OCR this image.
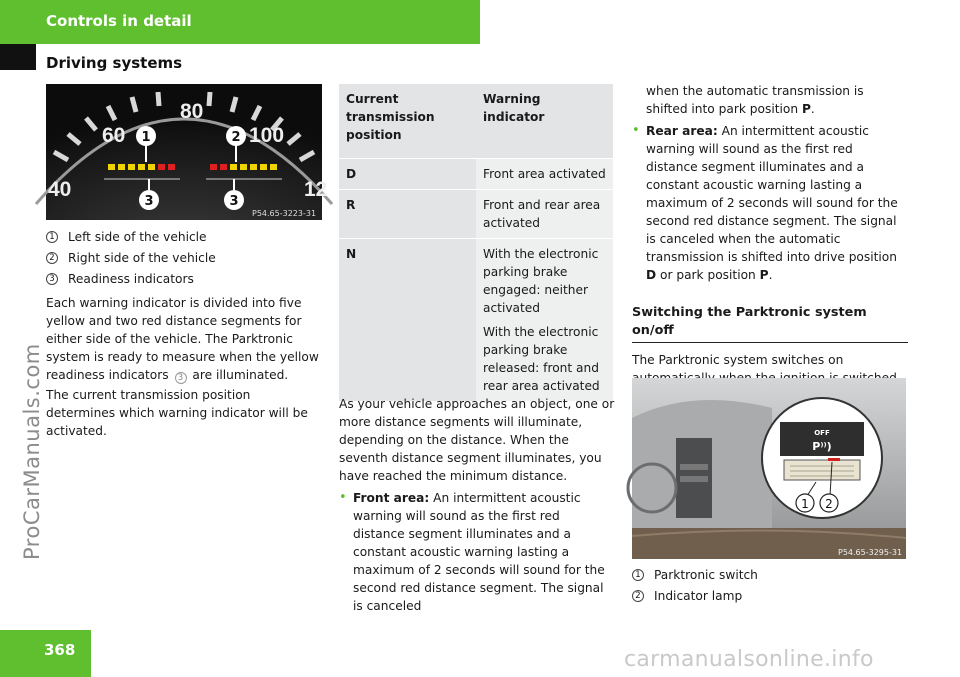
Controls in detail
Driving systems
ProCarManuals.com
40
60
80
100
12
1	2
3	3
P54.65-3223-31
1 Left side of the vehicle
2 Right side of the vehicle
3 Readiness indicators

Each warning indicator is divided into five yellow and two red distance segments for either side of the vehicle. The Parktronic system is ready to measure when the yellow readiness indicators 3 are illuminated.

The current transmission position determines which warning indicator will be activated.

Current transmission position	Warning indicator
D	Front area activated
R	Front and rear area activated
N	With the electronic parking brake engaged: neither activated
With the electronic parking brake released: front and rear area activated

As your vehicle approaches an object, one or more distance segments will illuminate, depending on the distance. When the seventh distance segment illuminates, you have reached the minimum distance.

• Front area: An intermittent acoustic warning will sound as the first red distance segment illuminates and a constant acoustic warning lasting a maximum of 2 seconds will sound for the second red distance segment. The signal is canceled

when the automatic transmission is shifted into park position P.

• Rear area: An intermittent acoustic warning will sound as the first red distance segment illuminates and a constant acoustic warning lasting a maximum of 2 seconds will sound for the second red distance segment. The signal is canceled when the automatic transmission is shifted into drive position D or park position P.
Switching the Parktronic system on/off

The Parktronic system switches on

OFF
P⁾⁾)
1 2
P54.65-3295-31
1 Parktronic switch
2 Indicator lamp
368	carmanualsonline.info
